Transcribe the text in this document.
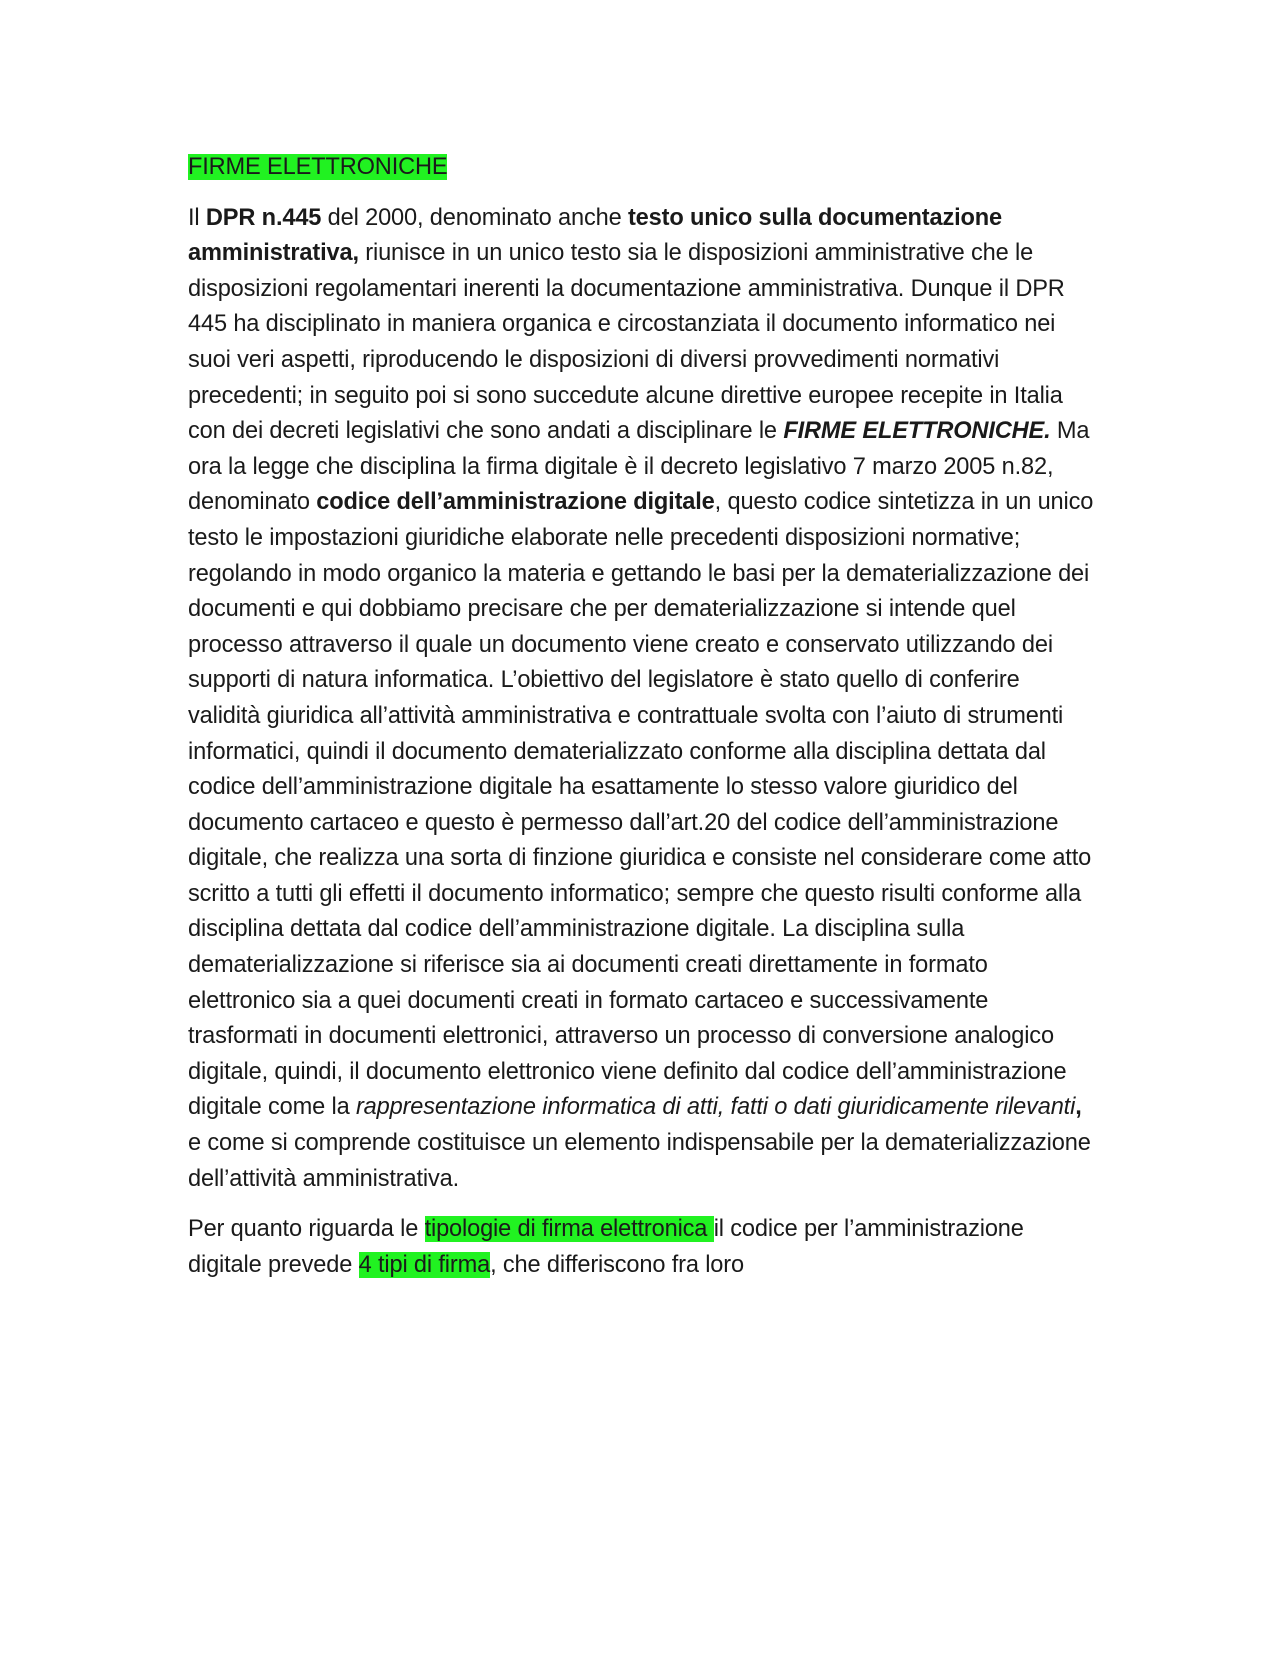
FIRME ELETTRONICHE

Il DPR n.445 del 2000, denominato anche testo unico sulla documentazione amministrativa, riunisce in un unico testo sia le disposizioni amministrative che le disposizioni regolamentari inerenti la documentazione amministrativa. Dunque il DPR 445 ha disciplinato in maniera organica e circostanziata il documento informatico nei suoi veri aspetti, riproducendo le disposizioni di diversi provvedimenti normativi precedenti; in seguito poi si sono succedute alcune direttive europee recepite in Italia con dei decreti legislativi che sono andati a disciplinare le FIRME ELETTRONICHE. Ma ora la legge che disciplina la firma digitale è il decreto legislativo 7 marzo 2005 n.82, denominato codice dell’amministrazione digitale, questo codice sintetizza in un unico testo le impostazioni giuridiche elaborate nelle precedenti disposizioni normative; regolando in modo organico la materia e gettando le basi per la dematerializzazione dei documenti e qui dobbiamo precisare che per dematerializzazione si intende quel processo attraverso il quale un documento viene creato e conservato utilizzando dei supporti di natura informatica. L’obiettivo del legislatore è stato quello di conferire validità giuridica all’attività amministrativa e contrattuale svolta con l’aiuto di strumenti informatici, quindi il documento dematerializzato conforme alla disciplina dettata dal codice dell’amministrazione digitale ha esattamente lo stesso valore giuridico del documento cartaceo e questo è permesso dall’art.20 del codice dell’amministrazione digitale, che realizza una sorta di finzione giuridica e consiste nel considerare come atto scritto a tutti gli effetti il documento informatico; sempre che questo risulti conforme alla disciplina dettata dal codice dell’amministrazione digitale. La disciplina sulla dematerializzazione si riferisce sia ai documenti creati direttamente in formato elettronico sia a quei documenti creati in formato cartaceo e successivamente trasformati in documenti elettronici, attraverso un processo di conversione analogico digitale, quindi, il documento elettronico viene definito dal codice dell’amministrazione digitale come la rappresentazione informatica di atti, fatti o dati giuridicamente rilevanti, e come si comprende costituisce un elemento indispensabile per la dematerializzazione dell’attività amministrativa.

Per quanto riguarda le tipologie di firma elettronica il codice per l’amministrazione digitale prevede 4 tipi di firma, che differiscono fra loro
